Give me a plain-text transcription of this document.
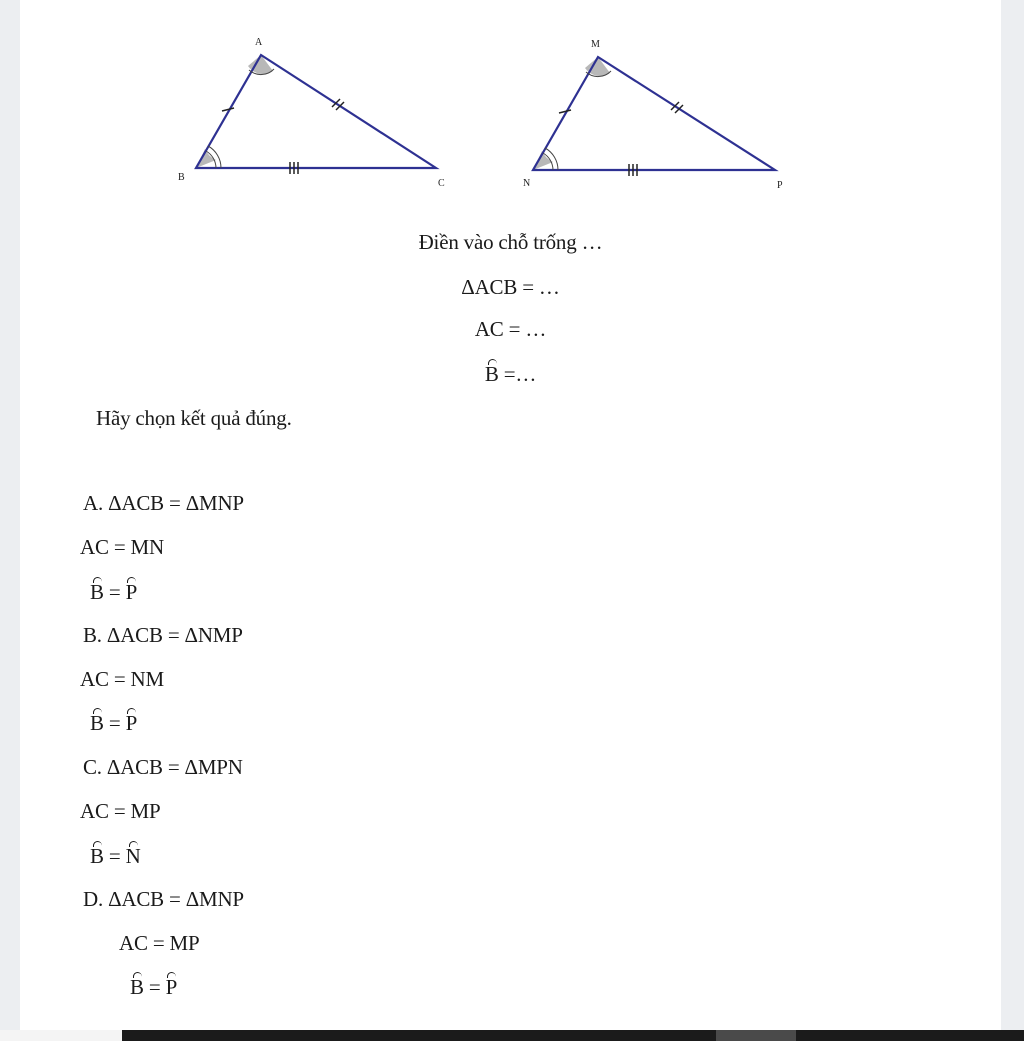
A
B
C
M
N	P
Điền vào chỗ trống …
ΔACB = …
AC = …
B =…
Hãy chọn kết quả đúng.
A. ΔACB = ΔMNP
AC = MN
B = P
B. ΔACB = ΔNMP
AC = NM
B = P
C. ΔACB = ΔMPN
AC = MP
B = N
D. ΔACB = ΔMNP
AC = MP
B = P
